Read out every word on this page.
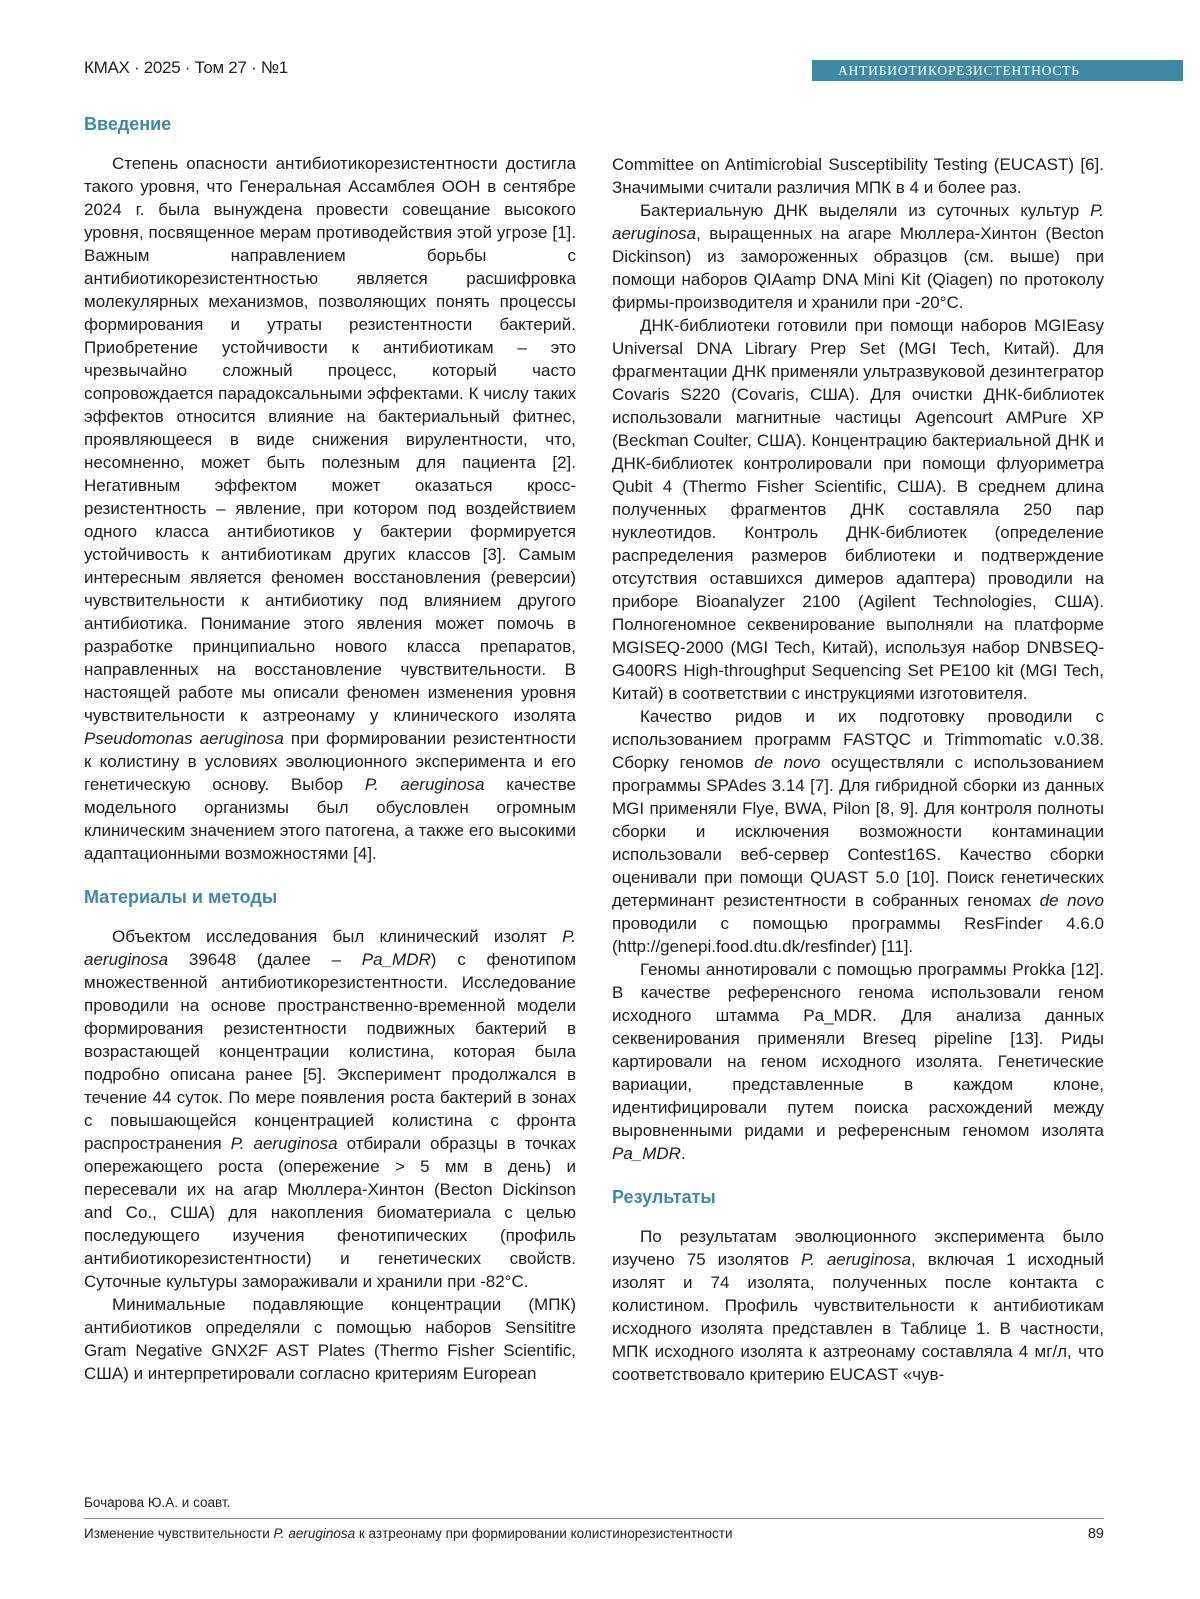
КМАХ · 2025 · Том 27 · №1	АНТИБИОТИКОРЕЗИСТЕНТНОСТЬ
Введение

Степень опасности антибиотикорезистентности достигла такого уровня, что Генеральная Ассамблея ООН в сентябре 2024 г. была вынуждена провести совещание высокого уровня, посвященное мерам противодействия этой угрозе [1]. Важным направлением борьбы с антибиотикорезистентностью является расшифровка молекулярных механизмов, позволяющих понять процессы формирования и утраты резистентности бактерий. Приобретение устойчивости к антибиотикам – это чрезвычайно сложный процесс, который часто сопровождается парадоксальными эффектами. К числу таких эффектов относится влияние на бактериальный фитнес, проявляющееся в виде снижения вирулентности, что, несомненно, может быть полезным для пациента [2]. Негативным эффектом может оказаться кросс-резистентность – явление, при котором под воздействием одного класса антибиотиков у бактерии формируется устойчивость к антибиотикам других классов [3]. Самым интересным является феномен восстановления (реверсии) чувствительности к антибиотику под влиянием другого антибиотика. Понимание этого явления может помочь в разработке принципиально нового класса препаратов, направленных на восстановление чувствительности. В настоящей работе мы описали феномен изменения уровня чувствительности к азтреонаму у клинического изолята Pseudomonas aeruginosa при формировании резистентности к колистину в условиях эволюционного эксперимента и его генетическую основу. Выбор P. aeruginosa качестве модельного организмы был обусловлен огромным клиническим значением этого патогена, а также его высокими адаптационными возможностями [4].

Материалы и методы

Объектом исследования был клинический изолят P. aeruginosa 39648 (далее – Pa_MDR) с фенотипом множественной антибиотикорезистентности. Исследование проводили на основе пространственно-временной модели формирования резистентности подвижных бактерий в возрастающей концентрации колистина, которая была подробно описана ранее [5]. Эксперимент продолжался в течение 44 суток. По мере появления роста бактерий в зонах с повышающейся концентрацией колистина с фронта распространения P. aeruginosa отбирали образцы в точках опережающего роста (опережение > 5 мм в день) и пересевали их на агар Мюллера-Хинтон (Becton Dickinson and Co., США) для накопления биоматериала с целью последующего изучения фенотипических (профиль антибиотикорезистентности) и генетических свойств. Суточные культуры замораживали и хранили при -82°C.

Минимальные подавляющие концентрации (МПК) антибиотиков определяли с помощью наборов Sensititre Gram Negative GNX2F AST Plates (Thermo Fisher Scientific, США) и интерпретировали согласно критериям European

Committee on Antimicrobial Susceptibility Testing (EUCAST) [6]. Значимыми считали различия МПК в 4 и более раз.

Бактериальную ДНК выделяли из суточных культур P. aeruginosa, выращенных на агаре Мюллера-Хинтон (Becton Dickinson) из замороженных образцов (см. выше) при помощи наборов QIAamp DNA Mini Kit (Qiagen) по протоколу фирмы-производителя и хранили при -20°C.

ДНК-библиотеки готовили при помощи наборов MGIEasy Universal DNA Library Prep Set (MGI Tech, Китай). Для фрагментации ДНК применяли ультразвуковой дезинтегратор Covaris S220 (Covaris, США). Для очистки ДНК-библиотек использовали магнитные частицы Agencourt AMPure XP (Beckman Coulter, США). Концентрацию бактериальной ДНК и ДНК-библиотек контролировали при помощи флуориметра Qubit 4 (Thermo Fisher Scientific, США). В среднем длина полученных фрагментов ДНК составляла 250 пар нуклеотидов. Контроль ДНК-библиотек (определение распределения размеров библиотеки и подтверждение отсутствия оставшихся димеров адаптера) проводили на приборе Bioanalyzer 2100 (Agilent Technologies, США). Полногеномное секвенирование выполняли на платформе MGISEQ-2000 (MGI Tech, Китай), используя набор DNBSEQ-G400RS High-throughput Sequencing Set PE100 kit (MGI Tech, Китай) в соответствии с инструкциями изготовителя.

Качество ридов и их подготовку проводили с использованием программ FASTQC и Trimmomatic v.0.38. Сборку геномов de novo осуществляли с использованием программы SPAdes 3.14 [7]. Для гибридной сборки из данных MGI применяли Flye, BWA, Pilon [8, 9]. Для контроля полноты сборки и исключения возможности контаминации использовали веб-сервер Contest16S. Качество сборки оценивали при помощи QUAST 5.0 [10]. Поиск генетических детерминант резистентности в собранных геномах de novo проводили с помощью программы ResFinder 4.6.0 (http://genepi.food.dtu.dk/resfinder) [11].

Геномы аннотировали с помощью программы Prokka [12]. В качестве референсного генома использовали геном исходного штамма Pa_MDR. Для анализа данных секвенирования применяли Breseq pipeline [13]. Риды картировали на геном исходного изолята. Генетические вариации, представленные в каждом клоне, идентифицировали путем поиска расхождений между выровненными ридами и референсным геномом изолята Pa_MDR.

Результаты

По результатам эволюционного эксперимента было изучено 75 изолятов P. aeruginosa, включая 1 исходный изолят и 74 изолята, полученных после контакта с колистином. Профиль чувствительности к антибиотикам исходного изолята представлен в Таблице 1. В частности, МПК исходного изолята к азтреонаму составляла 4 мг/л, что соответствовало критерию EUCAST «чув-

Бочарова Ю.А. и соавт.
Изменение чувствительности P. aeruginosa к азтреонаму при формировании колистинорезистентности	89
